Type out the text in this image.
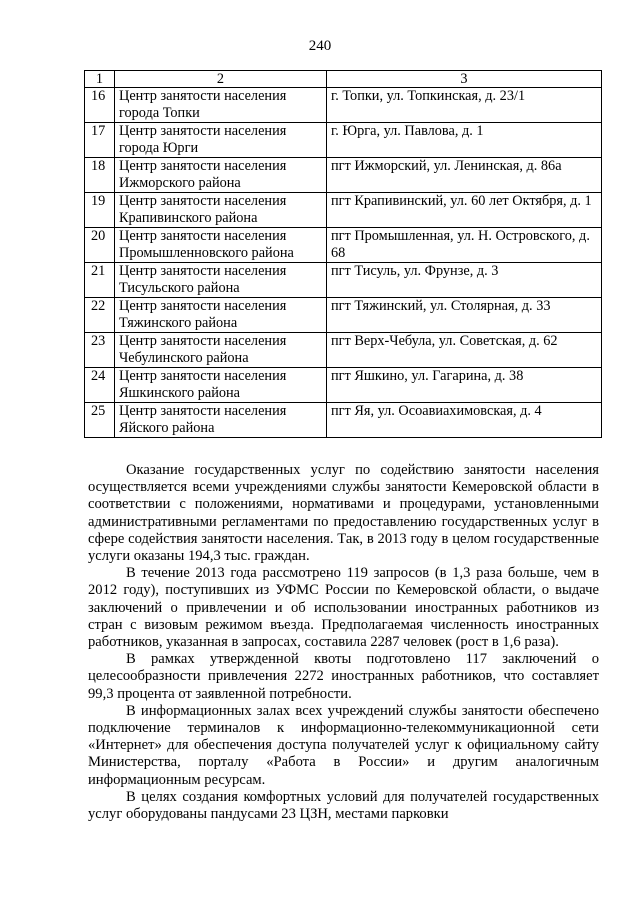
240
1	2	3
16	Центр занятости населения города Топки	г. Топки, ул. Топкинская, д. 23/1
17	Центр занятости населения города Юрги	г. Юрга, ул. Павлова, д. 1
18	Центр занятости населения Ижморского района	пгт Ижморский, ул. Ленинская, д. 86а
19	Центр занятости населения Крапивинского района	пгт Крапивинский, ул. 60 лет Октября, д. 1
20	Центр занятости населения Промышленновского района	пгт Промышленная, ул. Н. Островского, д. 68
21	Центр занятости населения Тисульского района	пгт Тисуль, ул. Фрунзе, д. 3
22	Центр занятости населения Тяжинского района	пгт Тяжинский, ул. Столярная, д. 33
23	Центр занятости населения Чебулинского района	пгт Верх-Чебула, ул. Советская, д. 62
24	Центр занятости населения Яшкинского района	пгт Яшкино, ул. Гагарина, д. 38
25	Центр занятости населения Яйского района	пгт Яя, ул. Осоавиахимовская, д. 4

Оказание государственных услуг по содействию занятости населения осуществляется всеми учреждениями службы занятости Кемеровской области в соответствии с положениями, нормативами и процедурами, установленными административными регламентами по предоставлению государственных услуг в сфере содействия занятости населения. Так, в 2013 году в целом государственные услуги оказаны 194,3 тыс. граждан.

В течение 2013 года рассмотрено 119 запросов (в 1,3 раза больше, чем в 2012 году), поступивших из УФМС России по Кемеровской области, о выдаче заключений о привлечении и об использовании иностранных работников из стран с визовым режимом въезда. Предполагаемая численность иностранных работников, указанная в запросах, составила 2287 человек (рост в 1,6 раза).

В рамках утвержденной квоты подготовлено 117 заключений о целесообразности привлечения 2272 иностранных работников, что составляет 99,3 процента от заявленной потребности.

В информационных залах всех учреждений службы занятости обеспечено подключение терминалов к информационно-телекоммуникационной сети «Интернет» для обеспечения доступа получателей услуг к официальному сайту Министерства, порталу «Работа в России» и другим аналогичным информационным ресурсам.

В целях создания комфортных условий для получателей государственных услуг оборудованы пандусами 23 ЦЗН, местами парковки
